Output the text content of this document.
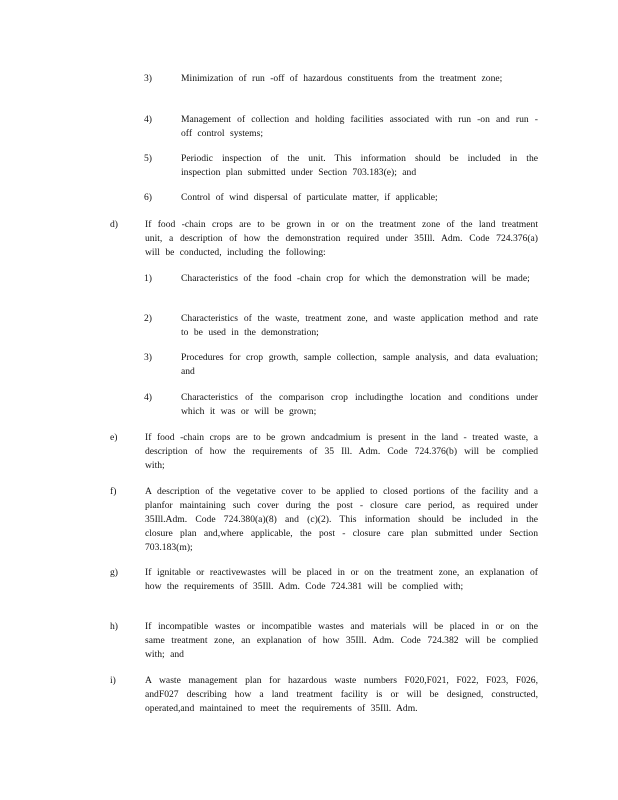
3)	Minimization of run -off of hazardous constituents from the treatment zone;
4)	Management of collection and holding facilities associated with run -on and run -off control systems;
5)	Periodic inspection of the unit. This information should be included in the inspection plan submitted under Section 703.183(e); and
6)	Control of wind dispersal of particulate matter, if applicable;
d)	If food -chain crops are to be grown in or on the treatment zone of the land treatment unit, a description of how the demonstration required under 35Ill. Adm. Code 724.376(a) will be conducted, including the following:
1)	Characteristics of the food -chain crop for which the demonstration will be made;
2)	Characteristics of the waste, treatment zone, and waste application method and rate to be used in the demonstration;
3)	Procedures for crop growth, sample collection, sample analysis, and data evaluation; and
4)	Characteristics of the comparison crop includingthe location and conditions under which it was or will be grown;
e)	If food -chain crops are to be grown andcadmium is present in the land - treated waste, a description of how the requirements of 35 Ill. Adm. Code 724.376(b) will be complied with;
f)	A description of the vegetative cover to be applied to closed portions of the facility and a planfor maintaining such cover during the post - closure care period, as required under 35Ill.Adm. Code 724.380(a)(8) and (c)(2). This information should be included in the closure plan and,where applicable, the post - closure care plan submitted under Section 703.183(m);
g)	If ignitable or reactivewastes will be placed in or on the treatment zone, an explanation of how the requirements of 35Ill. Adm. Code 724.381 will be complied with;
h)	If incompatible wastes or incompatible wastes and materials will be placed in or on the same treatment zone, an explanation of how 35Ill. Adm. Code 724.382 will be complied with; and
i)	A waste management plan for hazardous waste numbers F020,F021, F022, F023, F026, andF027 describing how a land treatment facility is or will be designed, constructed, operated,and maintained to meet the requirements of 35Ill. Adm.
